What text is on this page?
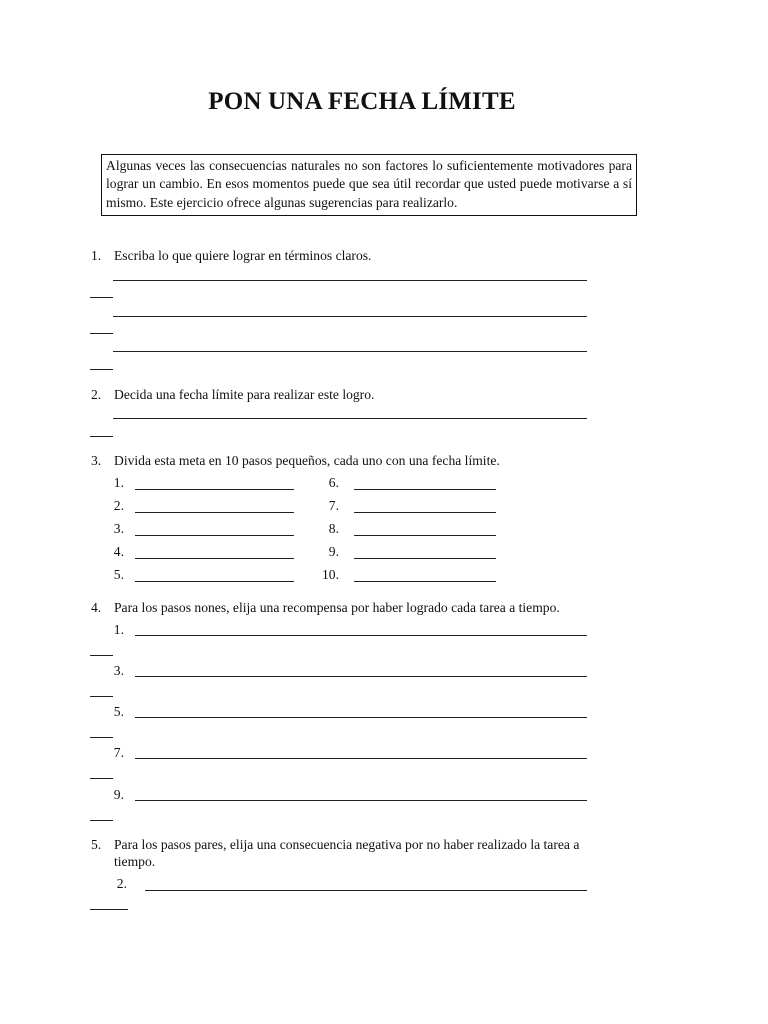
PON UNA FECHA LÍMITE
Algunas veces las consecuencias naturales no son factores lo suficientemente motivadores para lograr un cambio. En esos momentos puede que sea útil recordar que usted puede motivarse a sí mismo. Este ejercicio ofrece algunas sugerencias para realizarlo.
1. Escriba lo que quiere lograr en términos claros.
2. Decida una fecha límite para realizar este logro.
3. Divida esta meta en 10 pasos pequeños, cada uno con una fecha límite.
1.
2.
3.
4.
5.
6.
7.
8.
9.
10.
4. Para los pasos nones, elija una recompensa por haber logrado cada tarea a tiempo.
1.
3.
5.
7.
9.
5. Para los pasos pares, elija una consecuencia negativa por no haber realizado la tarea a
tiempo.
2.
